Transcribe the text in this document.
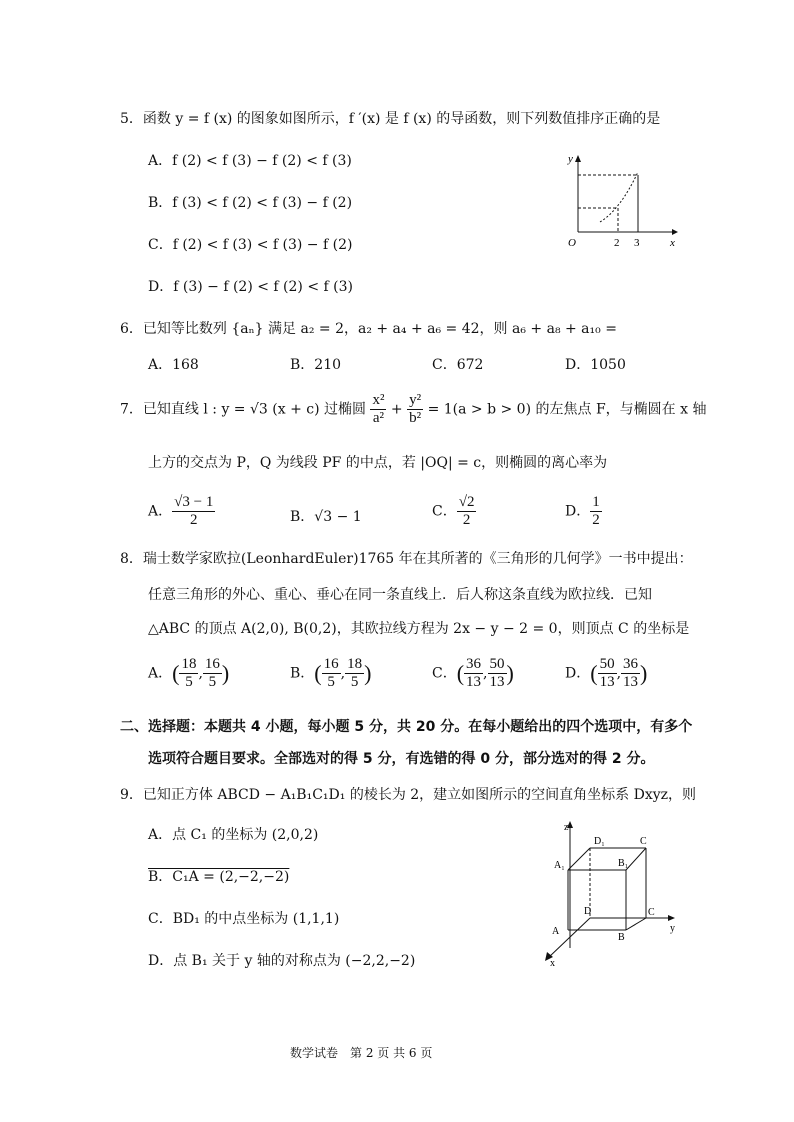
5．函数 y = f (x) 的图象如图所示，f ′(x) 是 f (x) 的导函数，则下列数值排序正确的是
A．f (2) < f (3) − f (2) < f (3)
B．f (3) < f (2) < f (3) − f (2)
C．f (2) < f (3) < f (3) − f (2)
D．f (3) − f (2) < f (2) < f (3)
y
x
O	2 3
6．已知等比数列 {aₙ} 满足 a₂ = 2，a₂ + a₄ + a₆ = 42，则 a₆ + a₈ + a₁₀ =
A．168	B．210	C．672	D．1050
7．已知直线 l : y = √3 (x + c) 过椭圆 $\frac{\text{x²}}{\text{a²}} + \frac{\text{y²}}{\text{b²}} = 1(a > b > 0)$ 的左焦点 F，与椭圆在 x 轴
上方的交点为 P，Q 为线段 PF 的中点，若 |OQ| = c，则椭圆的离心率为
A． $\frac{√3 - 1}{2}$	B．√3 − 1	C． $\frac{√2}{2}$	D． $\frac{1}{2}$
8．瑞士数学家欧拉(LeonhardEuler)1765 年在其所著的《三角形的几何学》一书中提出：
任意三角形的外心、重心、垂心在同一条直线上．后人称这条直线为欧拉线．已知
△ABC 的顶点 A(2,0), B(0,2)，其欧拉线方程为 2x − y − 2 = 0，则顶点 C 的坐标是
A．( $\frac{18}{5}$ , $\frac{16}{5}$ )	B．( $\frac{16}{5}$ , $\frac{18}{5}$ )	C．( $\frac{36}{13}$ , $\frac{50}{13}$ )	D．( $\frac{50}{13}$ , $\frac{36}{13}$ )
二、选择题：本题共 4 小题，每小题 5 分，共 20 分。在每小题给出的四个选项中，有多个
选项符合题目要求。全部选对的得 5 分，有选错的得 0 分，部分选对的得 2 分。
9．已知正方体 ABCD − A₁B₁C₁D₁ 的棱长为 2，建立如图所示的空间直角坐标系 Dxyz，则
A．点 C₁ 的坐标为 (2,0,2)
B．C₁A = (2,−2,−2)
C．BD₁ 的中点坐标为 (1,1,1)
D．点 B₁ 关于 y 轴的对称点为 (−2,2,−2)
z
y
x
D₁	C
A₁	B₁
D	C
A
B
数学试卷　第 2 页 共 6 页
